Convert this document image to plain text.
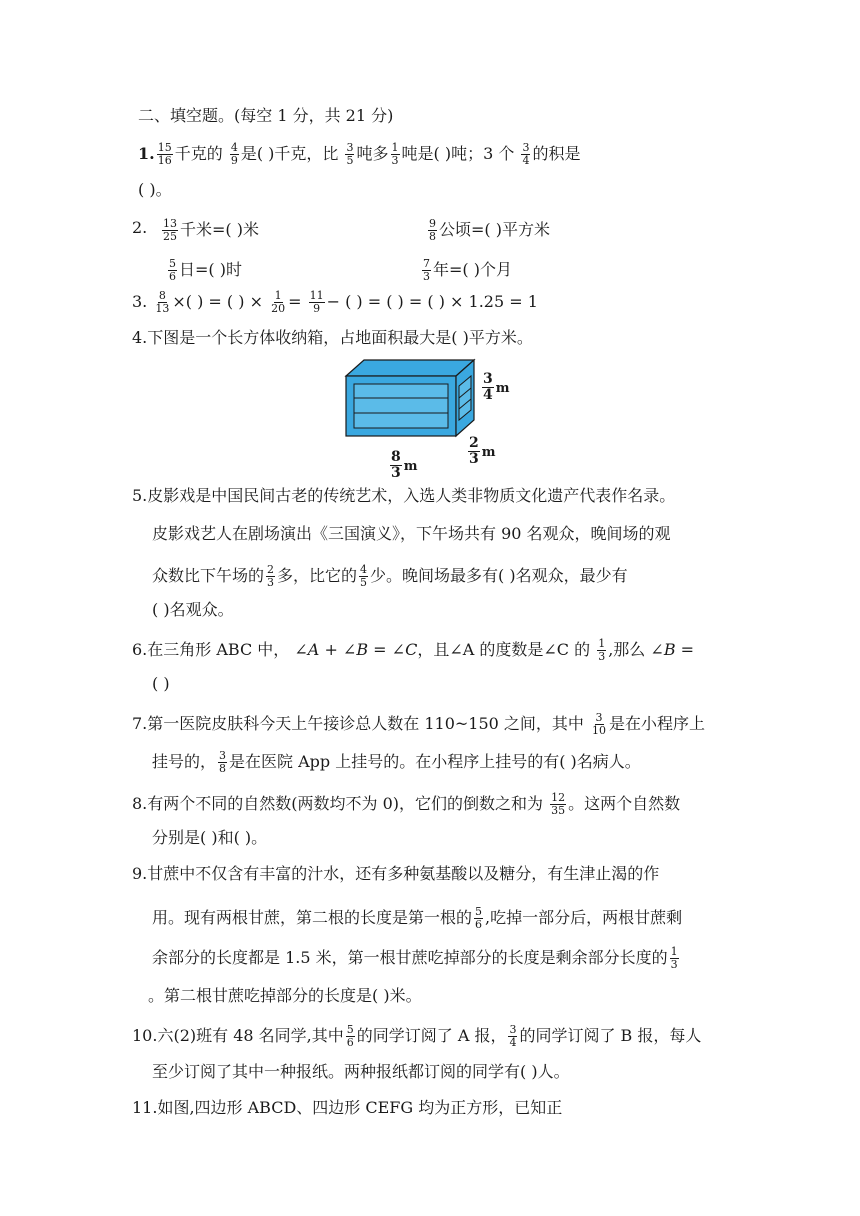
二、填空题。(每空 1 分，共 21 分)
1. $\frac{15}{16}$ 千克的 $\frac{4}{9}$ 是( )千克，比 $\frac{3}{5}$ 吨多 $\frac{1}{3}$ 吨是( )吨；3 个 $\frac{3}{4}$ 的积是
( )。
2. $\frac{13}{25}$ 千米=( )米	$\frac{9}{8}$ 公顷=( )平方米
$\frac{5}{6}$ 日=( )时	$\frac{7}{3}$ 年=( )个月
3. $\frac{8}{13}$ ×( ) = ( ) × $\frac{1}{20} = \frac{11}{9}$ − ( ) = ( ) = ( ) × 1.25 = 1
4.下图是一个长方体收纳箱，占地面积最大是( )平方米。
$\frac{3}{4}$ m
$\frac{2}{3}$ m
$\frac{8}{3}$ m
5.皮影戏是中国民间古老的传统艺术，入选人类非物质文化遗产代表作名录。
皮影戏艺人在剧场演出《三国演义》，下午场共有 90 名观众，晚间场的观
众数比下午场的 $\frac{2}{3}$ 多，比它的 $\frac{4}{5}$ 少。晚间场最多有( )名观众，最少有
( )名观众。
6.在三角形 ABC 中， ∠A + ∠B = ∠C，且∠A 的度数是∠C 的 $\frac{1}{3}$ ,那么 ∠B =
( )
7.第一医院皮肤科今天上午接诊总人数在 110~150 之间，其中 $\frac{3}{10}$ 是在小程序上
挂号的， $\frac{3}{8}$ 是在医院 App 上挂号的。在小程序上挂号的有( )名病人。
8.有两个不同的自然数(两数均不为 0)，它们的倒数之和为 $\frac{12}{35}$ 。这两个自然数
分别是( )和( )。
9.甘蔗中不仅含有丰富的汁水，还有多种氨基酸以及糖分，有生津止渴的作
用。现有两根甘蔗，第二根的长度是第一根的 $\frac{5}{6}$ ,吃掉一部分后，两根甘蔗剩
余部分的长度都是 1.5 米，第一根甘蔗吃掉部分的长度是剩余部分长度的 $\frac{1}{3}$
。第二根甘蔗吃掉部分的长度是( )米。
10.六(2)班有 48 名同学,其中 $\frac{5}{6}$ 的同学订阅了 A 报， $\frac{3}{4}$ 的同学订阅了 B 报，每人
至少订阅了其中一种报纸。两种报纸都订阅的同学有( )人。
11.如图,四边形 ABCD、四边形 CEFG 均为正方形，已知正
